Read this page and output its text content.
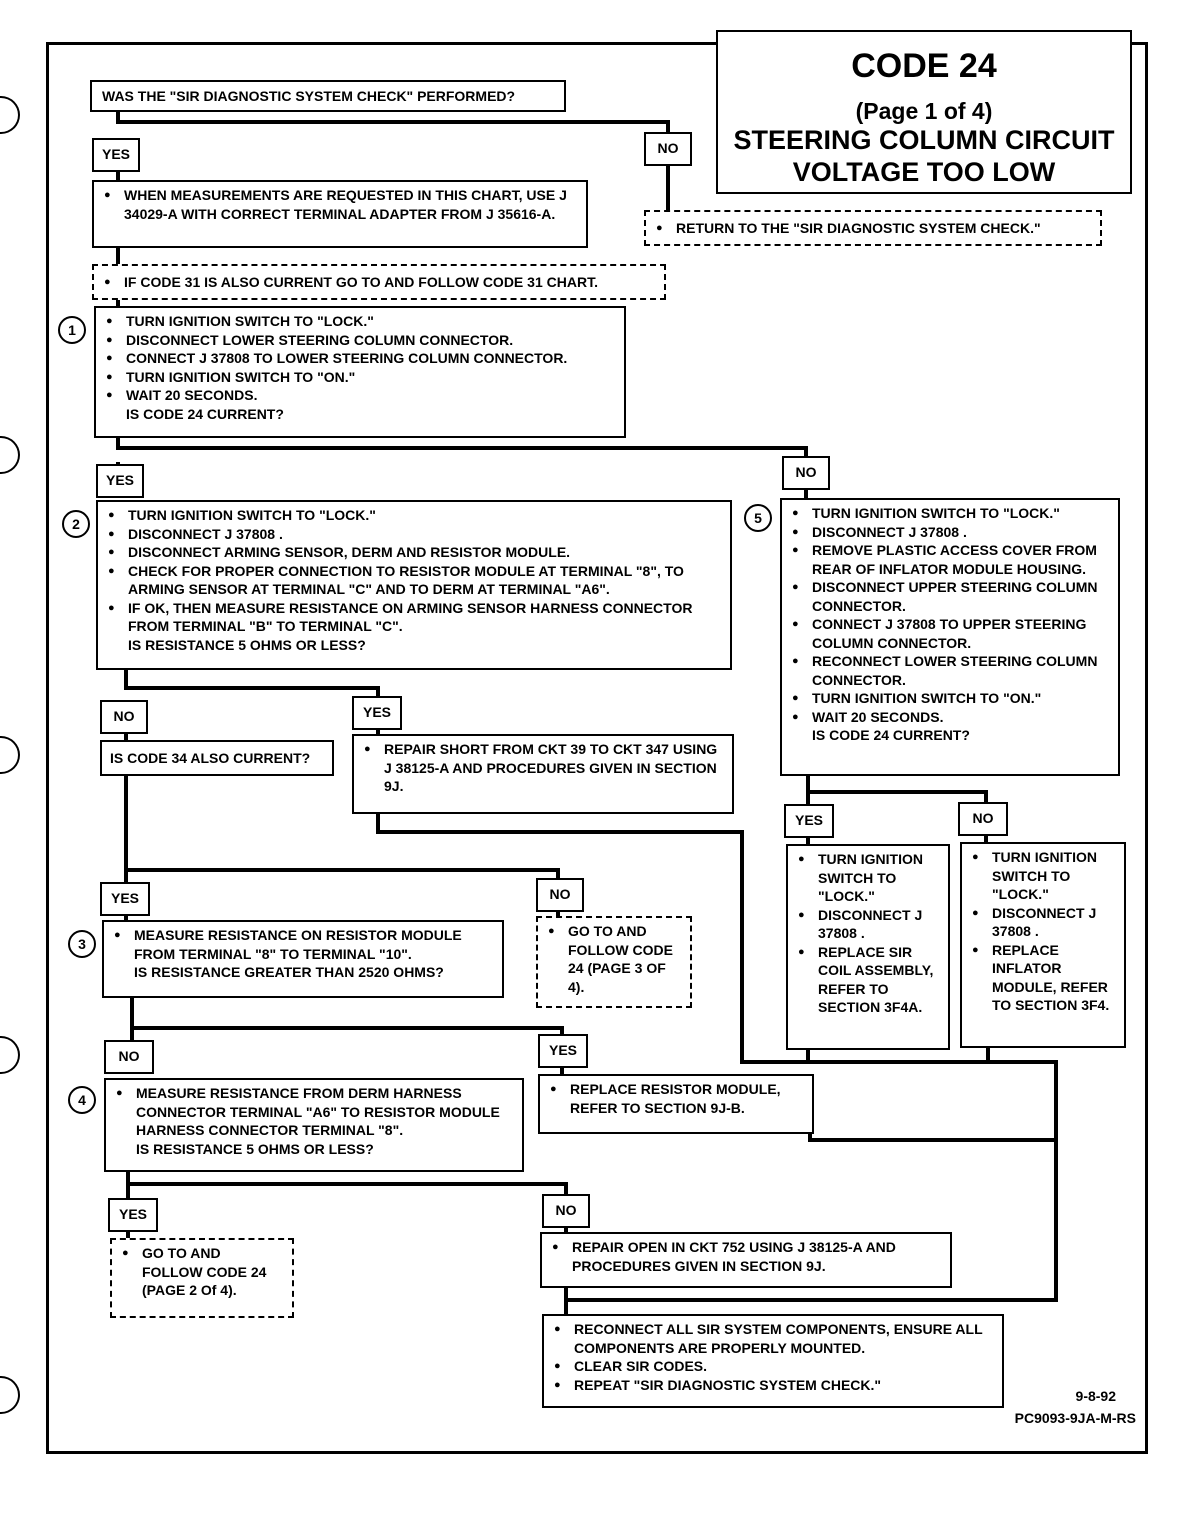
CODE 24
(Page 1 of 4)
STEERING COLUMN CIRCUIT
VOLTAGE TOO LOW
WAS THE "SIR DIAGNOSTIC SYSTEM CHECK" PERFORMED?
YES	NO
● WHEN MEASUREMENTS ARE REQUESTED IN THIS CHART, USE J 34029-A WITH CORRECT TERMINAL ADAPTER FROM J 35616-A.
● RETURN TO THE "SIR DIAGNOSTIC SYSTEM CHECK."
● IF CODE 31 IS ALSO CURRENT GO TO AND FOLLOW CODE 31 CHART.
1
● TURN IGNITION SWITCH TO "LOCK."
● DISCONNECT LOWER STEERING COLUMN CONNECTOR.
● CONNECT J 37808 TO LOWER STEERING COLUMN CONNECTOR.
● TURN IGNITION SWITCH TO "ON."
● WAIT 20 SECONDS.
IS CODE 24 CURRENT?
YES	NO
2
● TURN IGNITION SWITCH TO "LOCK."
● DISCONNECT J 37808 .
● DISCONNECT ARMING SENSOR, DERM AND RESISTOR MODULE.
● CHECK FOR PROPER CONNECTION TO RESISTOR MODULE AT TERMINAL "8", TO ARMING SENSOR AT TERMINAL "C" AND TO DERM AT TERMINAL "A6".
● IF OK, THEN MEASURE RESISTANCE ON ARMING SENSOR HARNESS CONNECTOR FROM TERMINAL "B" TO TERMINAL "C".
IS RESISTANCE 5 OHMS OR LESS?
NO	YES
IS CODE 34 ALSO CURRENT?
● REPAIR SHORT FROM CKT 39 TO CKT 347 USING J 38125-A AND PROCEDURES GIVEN IN SECTION 9J.
YES	NO
3
● MEASURE RESISTANCE ON RESISTOR MODULE FROM TERMINAL "8" TO TERMINAL "10".
IS RESISTANCE GREATER THAN 2520 OHMS?
● GO TO AND FOLLOW CODE 24 (PAGE 3 OF 4).
NO	YES
4	● MEASURE RESISTANCE FROM DERM HARNESS CONNECTOR TERMINAL "A6" TO RESISTOR MODULE HARNESS CONNECTOR TERMINAL "8".
IS RESISTANCE 5 OHMS OR LESS?
● REPLACE RESISTOR MODULE, REFER TO SECTION 9J-B.
YES	NO
● GO TO AND FOLLOW CODE 24 (PAGE 2 Of 4).
● REPAIR OPEN IN CKT 752 USING J 38125-A AND PROCEDURES GIVEN IN SECTION 9J.
● RECONNECT ALL SIR SYSTEM COMPONENTS, ENSURE ALL COMPONENTS ARE PROPERLY MOUNTED.
● CLEAR SIR CODES.
● REPEAT "SIR DIAGNOSTIC SYSTEM CHECK."
5	● TURN IGNITION SWITCH TO "LOCK."
● DISCONNECT J 37808 .
● REMOVE PLASTIC ACCESS COVER FROM REAR OF INFLATOR MODULE HOUSING.
● DISCONNECT UPPER STEERING COLUMN CONNECTOR.
● CONNECT J 37808 TO UPPER STEERING COLUMN CONNECTOR.
● RECONNECT LOWER STEERING COLUMN CONNECTOR.
● TURN IGNITION SWITCH TO "ON."
● WAIT 20 SECONDS.
IS CODE 24 CURRENT?
YES	NO
● TURN IGNITION SWITCH TO "LOCK."
● DISCONNECT J 37808 .
● REPLACE SIR COIL ASSEMBLY, REFER TO SECTION 3F4A.
● TURN IGNITION SWITCH TO "LOCK."
● DISCONNECT J 37808 .
● REPLACE INFLATOR MODULE, REFER TO SECTION 3F4.
9-8-92
PC9093-9JA-M-RS
